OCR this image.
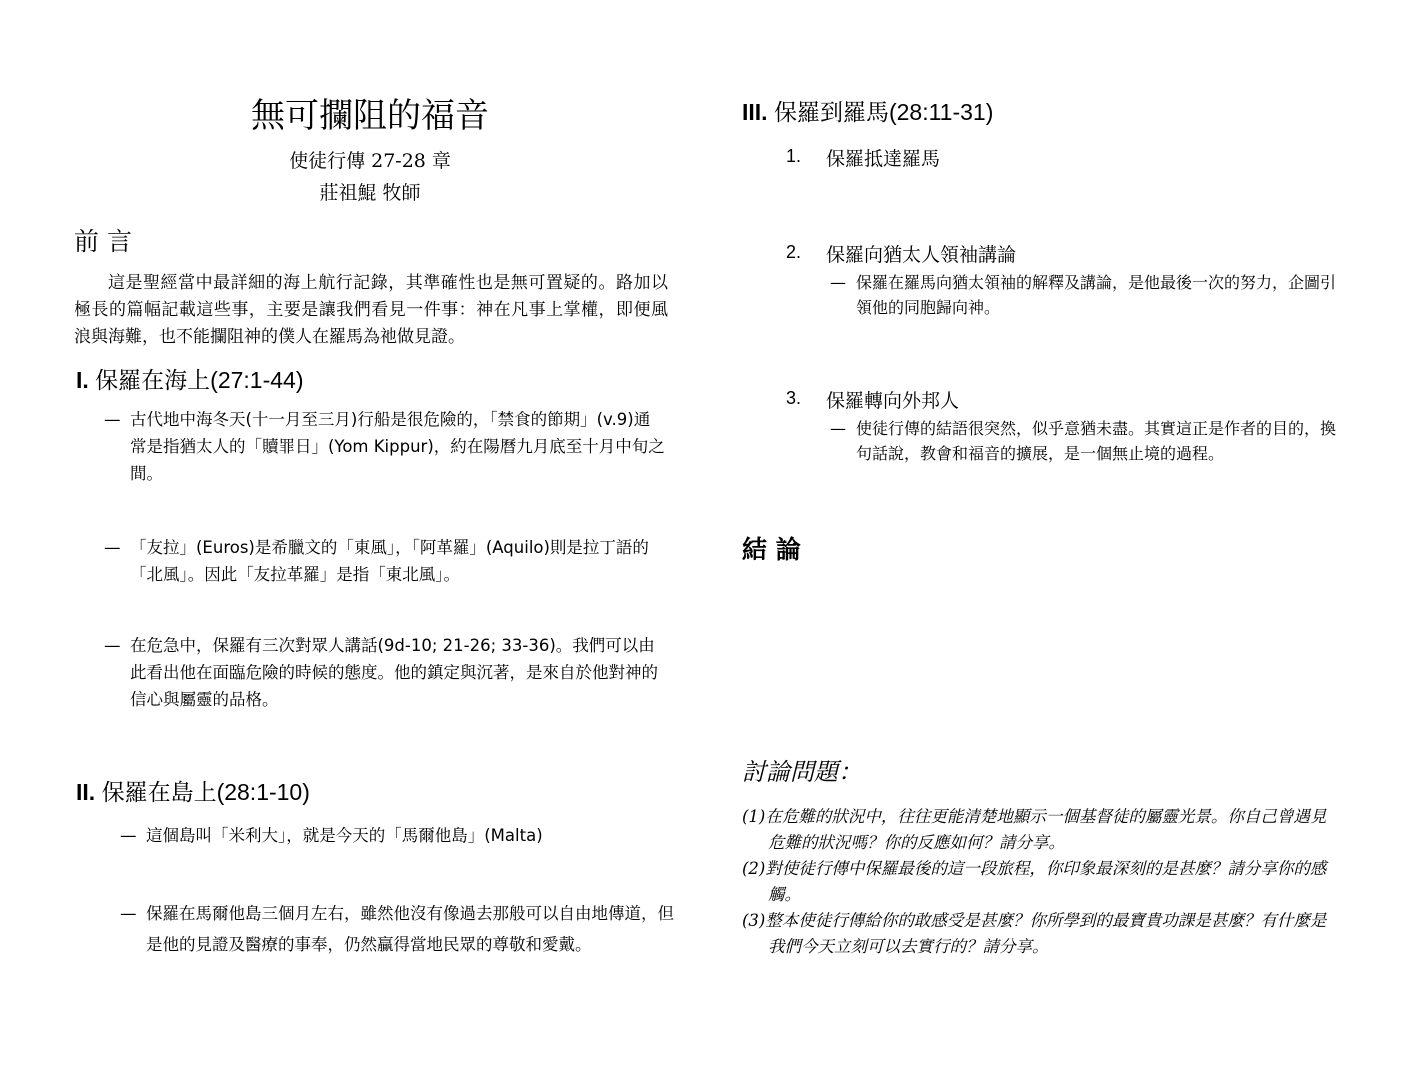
無可攔阻的福音
使徒行傳 27-28 章
莊祖鯤 牧師
前 言
這是聖經當中最詳細的海上航行記錄，其準確性也是無可置疑的。路加以極長的篇幅記載這些事，主要是讓我們看見一件事：神在凡事上掌權，即便風浪與海難，也不能攔阻神的僕人在羅馬為祂做見證。
I. 保羅在海上(27:1-44)
— 古代地中海冬天(十一月至三月)行船是很危險的，「禁食的節期」(v.9)通常是指猶太人的「贖罪日」(Yom Kippur)，約在陽曆九月底至十月中旬之間。
— 「友拉」(Euros)是希臘文的「東風」，「阿革羅」(Aquilo)則是拉丁語的「北風」。因此「友拉革羅」是指「東北風」。
— 在危急中，保羅有三次對眾人講話(9d-10; 21-26; 33-36)。我們可以由此看出他在面臨危險的時候的態度。他的鎮定與沉著，是來自於他對神的信心與屬靈的品格。
II. 保羅在島上(28:1-10)
— 這個島叫「米利大」，就是今天的「馬爾他島」(Malta)
— 保羅在馬爾他島三個月左右，雖然他沒有像過去那般可以自由地傳道，但是他的見證及醫療的事奉，仍然贏得當地民眾的尊敬和愛戴。
III. 保羅到羅馬(28:11-31)
1. 保羅抵達羅馬
2. 保羅向猶太人領袖講論
— 保羅在羅馬向猶太領袖的解釋及講論，是他最後一次的努力，企圖引領他的同胞歸向神。
3. 保羅轉向外邦人
— 使徒行傳的結語很突然，似乎意猶未盡。其實這正是作者的目的，換句話說，教會和福音的擴展，是一個無止境的過程。
結 論
討論問題：
(1)在危難的狀況中，往往更能清楚地顯示一個基督徒的屬靈光景。你自己曾遇見危難的狀況嗎？你的反應如何？請分享。
(2)對使徒行傳中保羅最後的這一段旅程，你印象最深刻的是甚麼？請分享你的感觸。
(3)整本使徒行傳給你的敢感受是甚麼？你所學到的最寶貴功課是甚麼？有什麼是我們今天立刻可以去實行的？請分享。
